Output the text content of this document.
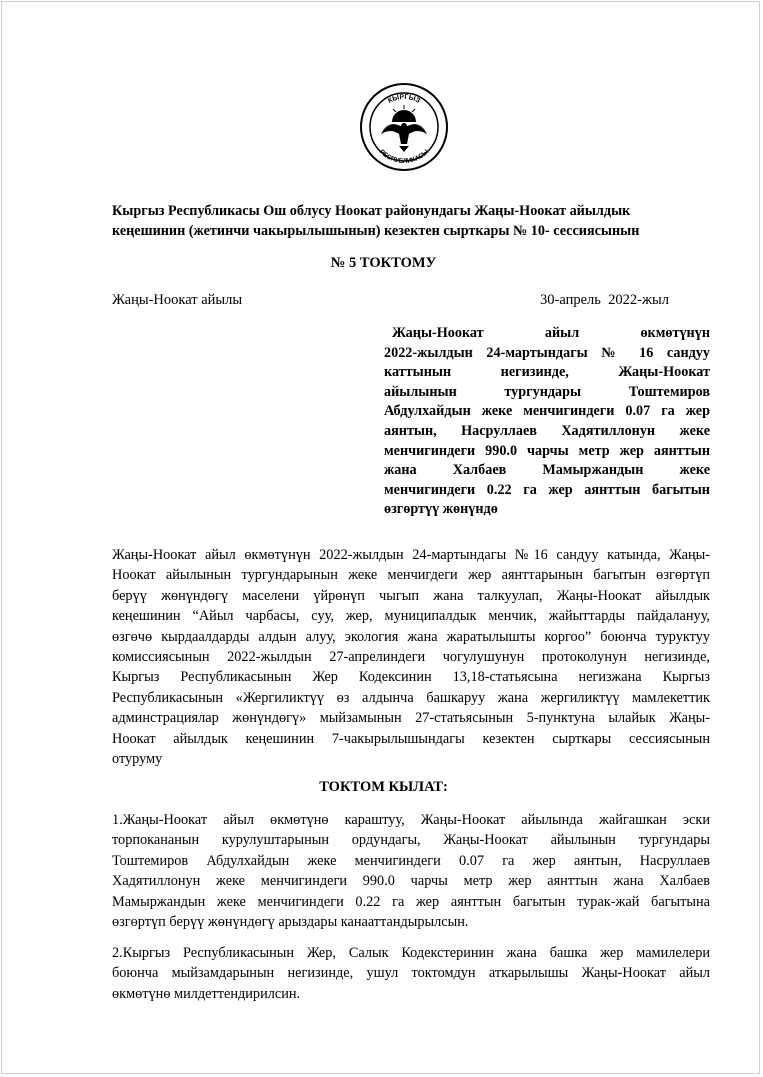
КЫРГЫЗ
РЕСПУБЛИКАСЫ
Кыргыз Республикасы Ош облусу Ноокат районундагы Жаңы-Ноокат айылдык
кеңешинин (жетинчи чакырылышынын) кезектен сырткары № 10- сессиясынын
№ 5 ТОКТОМУ
Жаңы-Ноокат айылы	30-апрель  2022-жыл
Жаңы-Ноокат айыл өкмөтүнүн
2022-жылдын 24-мартындагы № 16 сандуу
каттынын негизинде, Жаңы-Ноокат
айылынын тургундары Тоштемиров
Абдулхайдын жеке менчигиндеги 0.07 га жер
аянтын, Насруллаев Хадятиллонун жеке
менчигиндеги 990.0 чарчы метр жер аянттын
жана Халбаев Мамыржандын жеке
менчигиндеги 0.22 га жер аянттын багытын
өзгөртүү жөнүндө
Жаңы-Ноокат айыл өкмөтүнүн 2022-жылдын 24-мартындагы №16 сандуу катында, Жаңы-
Ноокат айылынын тургундарынын жеке менчигдеги жер аянттарынын багытын өзгөртүп
берүү жөнүндөгү маселени үйрөнүп чыгып жана талкуулап, Жаңы-Ноокат айылдык
кеңешинин “Айыл чарбасы, суу, жер, муниципалдык менчик, жайыттарды пайдалануу,
өзгөчө кырдаалдарды алдын алуу, экология жана жаратылышты коргоо” боюнча туруктуу
комиссиясынын 2022-жылдын 27-апрелиндеги чогулушунун протоколунун негизинде,
Кыргыз Республикасынын Жер Кодексинин 13,18-статьясына негизжана Кыргыз
Республикасынын «Жергиликтүү өз алдынча башкаруу жана жергиликтүү мамлекеттик
админстрациялар жөнүндөгү» мыйзамынын 27-статьясынын 5-пунктуна ылайык Жаңы-
Ноокат айылдык кеңешинин 7-чакырылышындагы кезектен сырткары сессиясынын
отуруму
ТОКТОМ КЫЛАТ:
1.Жаңы-Ноокат айыл өкмөтүнө караштуу, Жаңы-Ноокат айылында жайгашкан эски
торпокананын курулуштарынын ордундагы, Жаңы-Ноокат айылынын тургундары
Тоштемиров Абдулхайдын жеке менчигиндеги 0.07 га жер аянтын, Насруллаев
Хадятиллонун жеке менчигиндеги 990.0 чарчы метр жер аянттын жана Халбаев
Мамыржандын жеке менчигиндеги 0.22 га жер аянттын багытын турак-жай багытына
өзгөртүп берүү жөнүндөгү арыздары канааттандырылсын.
2.Кыргыз Республикасынын Жер, Салык Кодекстеринин жана башка жер мамилелери
боюнча мыйзамдарынын негизинде, ушул токтомдун аткарылышы Жаңы-Ноокат айыл
өкмөтүнө милдеттендирилсин.
